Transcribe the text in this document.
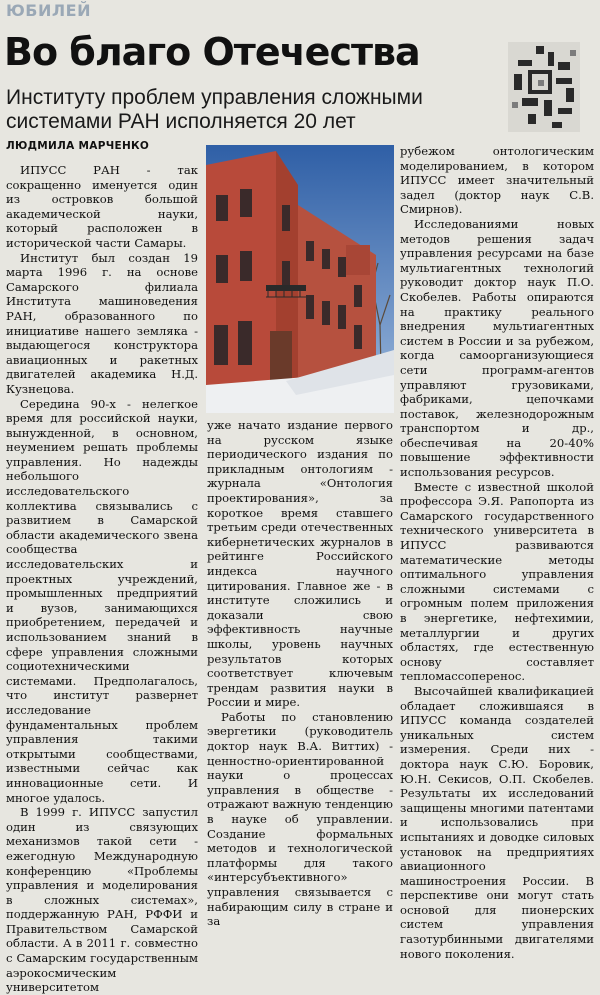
ЮБИЛЕЙ
Во благо Отечества
Институту проблем управления сложными системами РАН исполняется 20 лет
ЛЮДМИЛА МАРЧЕНКО

ИПУСС РАН - так сокращенно именуется один из островков большой академической науки, который расположен в исторической части Самары.

Институт был создан 19 марта 1996 г. на основе Самарского филиала Института машиноведения РАН, образованного по инициативе нашего земляка - выдающегося конструктора авиационных и ракетных двигателей академика Н.Д. Кузнецова.

Середина 90-х - нелегкое время для российской науки, вынужденной, в основном, неумением решать проблемы управления. Но надежды небольшого исследовательского коллектива связывались с развитием в Самарской области академического звена сообщества исследовательских и проектных учреждений, промышленных предприятий и вузов, занимающихся приобретением, передачей и использованием знаний в сфере управления сложными социотехническими системами. Предполагалось, что институт развернет исследование фундаментальных проблем управления такими открытыми сообществами, известными сейчас как инновационные сети. И многое удалось.

В 1999 г. ИПУСС запустил один из связующих механизмов такой сети - ежегодную Международную конференцию «Проблемы управления и моделирования в сложных системах», поддержанную РАН, РФФИ и Правительством Самарской области. А в 2011 г. совместно с Самарским государственным аэрокосмическим университетом

уже начато издание первого на русском языке периодического издания по прикладным онтологиям - журнала «Онтология проектирования», за короткое время ставшего третьим среди отечественных кибернетических журналов в рейтинге Российского индекса научного цитирования. Главное же - в институте сложились и доказали свою эффективность научные школы, уровень научных результатов которых соответствует ключевым трендам развития науки в России и мире.

Работы по становлению эвергетики (руководитель доктор наук В.А. Виттих) - ценностно-ориентированной науки о процессах управления в обществе - отражают важную тенденцию в науке об управлении. Создание формальных методов и технологической платформы для такого «интерсубъективного» управления связывается с набирающим силу в стране и за

рубежом онтологическим моделированием, в котором ИПУСС имеет значительный задел (доктор наук С.В. Смирнов).

Исследованиями новых методов решения задач управления ресурсами на базе мультиагентных технологий руководит доктор наук П.О. Скобелев. Работы опираются на практику реального внедрения мультиагентных систем в России и за рубежом, когда самоорганизующиеся сети программ-агентов управляют грузовиками, фабриками, цепочками поставок, железнодорожным транспортом и др., обеспечивая на 20-40% повышение эффективности использования ресурсов.

Вместе с известной школой профессора Э.Я. Рапопорта из Самарского государственного технического университета в ИПУСС развиваются математические методы оптимального управления сложными системами с огромным полем приложения в энергетике, нефтехимии, металлургии и других областях, где естественную основу составляет тепломассоперенос.

Высочайшей квалификацией обладает сложившаяся в ИПУСС команда создателей уникальных систем измерения. Среди них - доктора наук С.Ю. Боровик, Ю.Н. Секисов, О.П. Скобелев. Результаты их исследований защищены многими патентами и использовались при испытаниях и доводке силовых установок на предприятиях авиационного машиностроения России. В перспективе они могут стать основой для пионерских систем управления газотурбинными двигателями нового поколения.
